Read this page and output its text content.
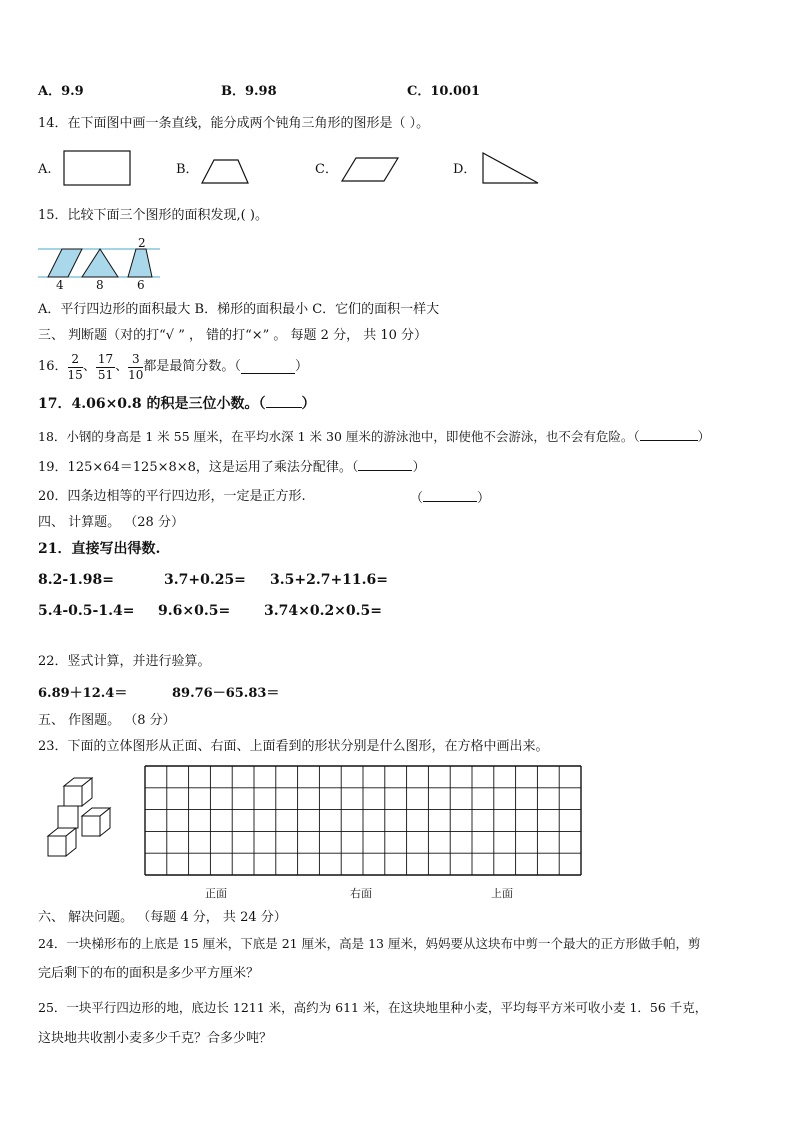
A．9.9	B．9.98	C．10.001
14．在下面图中画一条直线，能分成两个钝角三角形的图形是（ ）。
A.	B．	C．	D．
15．比较下面三个图形的面积发现,( )。
2
4	8	6
A．平行四边形的面积最大 B．梯形的面积最小 C．它们的面积一样大
三、 判断题（对的打“√ ” ， 错的打“×” 。 每题 2 分， 共 10 分）
16． $\frac{2}{15}$ 、 $\frac{17}{51}$ 、 $\frac{3}{10}$ 都是最简分数。（	）
17．4.06×0.8 的积是三位小数。（	）
18．小钢的身高是 1 米 55 厘米，在平均水深 1 米 30 厘米的游泳池中，即使他不会游泳，也不会有危险。（	）
19．125×64＝125×8×8，这是运用了乘法分配律。（	）
20．四条边相等的平行四边形，一定是正方形.	（	）
四、 计算题。 （28 分）
21．直接写出得数.
8.2-1.98=	3.7+0.25= 3.5+2.7+11.6=
5.4-0.5-1.4= 9.6×0.5= 3.74×0.2×0.5=
22．竖式计算，并进行验算。
6.89＋12.4＝	89.76－65.83＝
五、 作图题。 （8 分）
23．下面的立体图形从正面、右面、上面看到的形状分别是什么图形，在方格中画出来。
正面	右面	上面
六、 解决问题。 （每题 4 分， 共 24 分）
24．一块梯形布的上底是 15 厘米，下底是 21 厘米，高是 13 厘米，妈妈要从这块布中剪一个最大的正方形做手帕，剪
完后剩下的布的面积是多少平方厘米？
25．一块平行四边形的地，底边长 1211 米，高约为 611 米，在这块地里种小麦，平均每平方米可收小麦 1．56 千克，
这块地共收割小麦多少千克？合多少吨？
